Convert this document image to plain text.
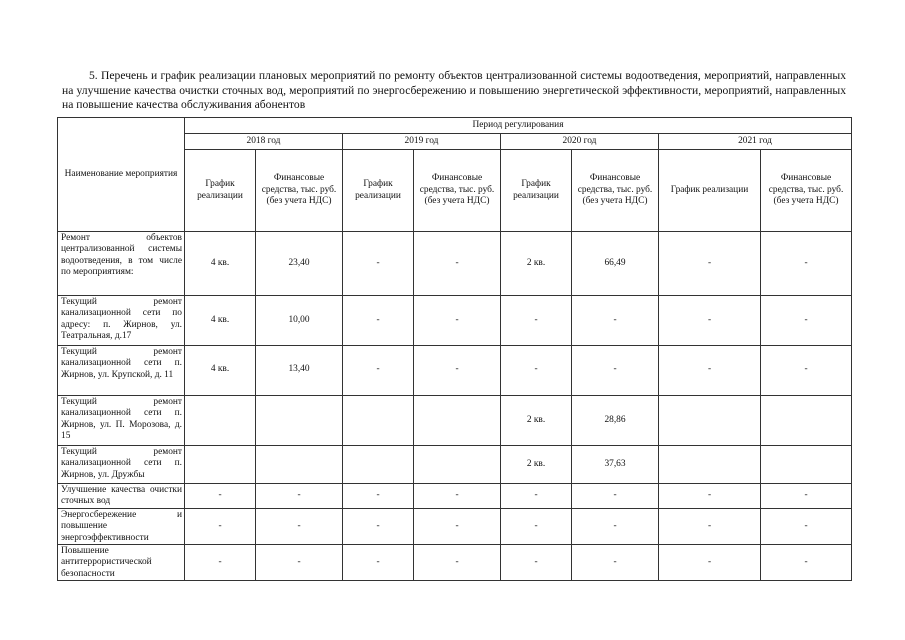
5. Перечень и график реализации плановых мероприятий по ремонту объектов централизованной системы водоотведения, мероприятий, направленных на улучшение качества очистки сточных вод, мероприятий по энергосбережению и повышению энергетической эффективности, мероприятий, направленных на повышение качества обслуживания абонентов
Наименование мероприятия	Период регулирования							
	2018 год		2019 год		2020 год		2021 год	
	График реализации	Финансовые средства, тыс. руб. (без учета НДС)	График реализации	Финансовые средства, тыс. руб. (без учета НДС)	График реализации	Финансовые средства, тыс. руб. (без учета НДС)	График реализации	Финансовые средства, тыс. руб. (без учета НДС)
Ремонт объектов централизованной системы водоотведения, в том числе по мероприятиям:	4 кв.	23,40	-	-	2 кв.	66,49	-	-
Текущий ремонт канализационной сети по адресу: п. Жирнов, ул. Театральная, д.17	4 кв.	10,00	-	-	-	-	-	-
Текущий ремонт канализационной сети п. Жирнов, ул. Крупской, д. 11	4 кв.	13,40	-	-	-	-	-	-
Текущий ремонт канализационной сети п. Жирнов, ул. П. Морозова, д. 15					2 кв.	28,86		
Текущий ремонт канализационной сети п. Жирнов, ул. Дружбы					2 кв.	37,63		
Улучшение качества очистки сточных вод	-	-	-	-	-	-	-	-
Энергосбережение и повышение энергоэффективности	-	-	-	-	-	-	-	-
Повышение антитеррористической безопасности	-	-	-	-	-	-	-	-
